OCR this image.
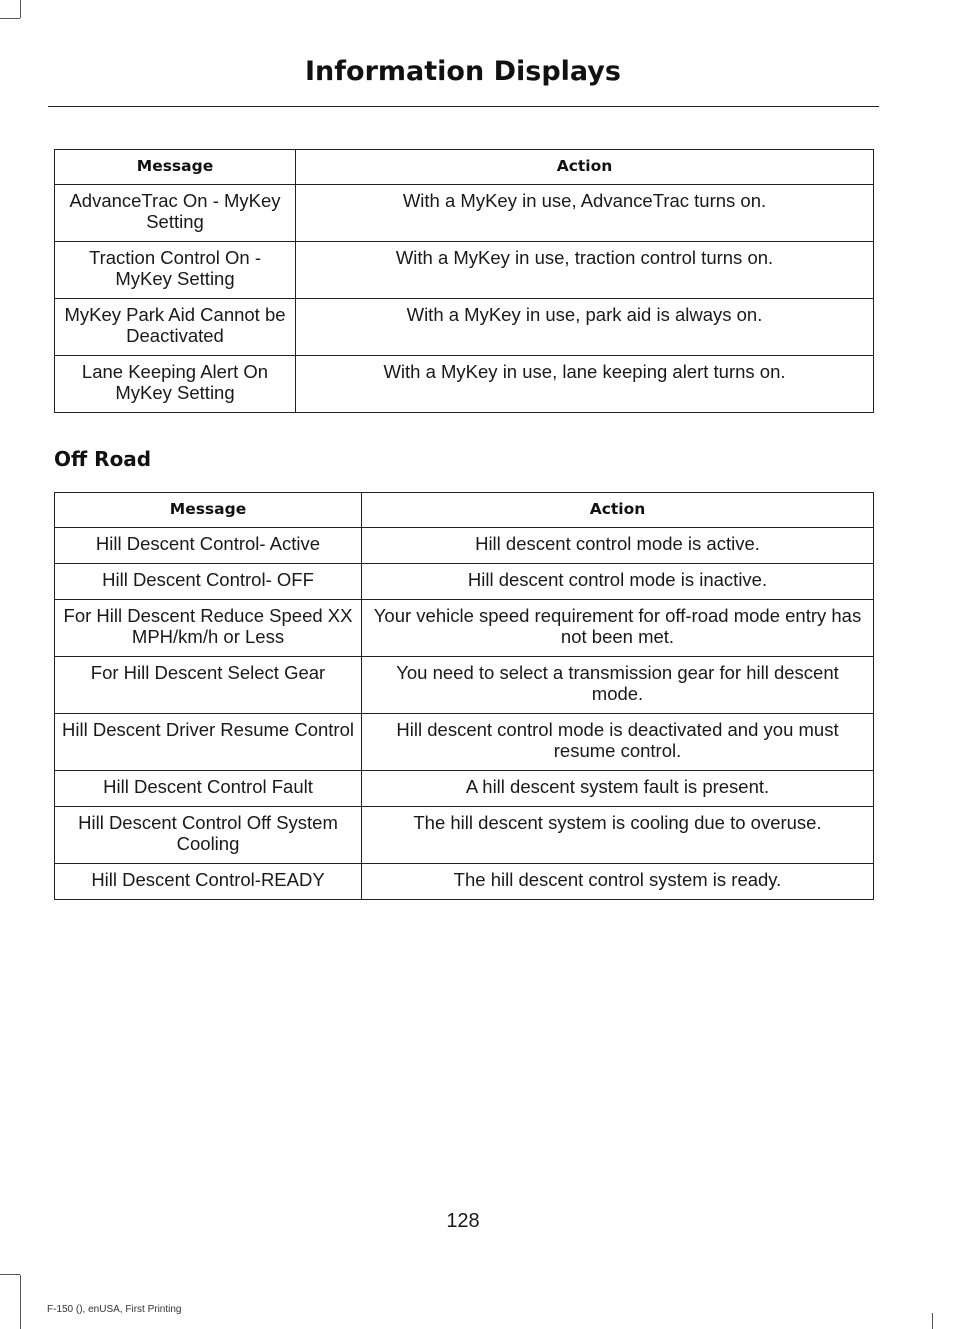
Information Displays
Message	Action
AdvanceTrac On - MyKey Setting	With a MyKey in use, AdvanceTrac turns on.
Traction Control On - MyKey Setting	With a MyKey in use, traction control turns on.
MyKey Park Aid Cannot be Deactivated	With a MyKey in use, park aid is always on.
Lane Keeping Alert On MyKey Setting	With a MyKey in use, lane keeping alert turns on.
Off Road
Message	Action
Hill Descent Control- Active	Hill descent control mode is active.
Hill Descent Control- OFF	Hill descent control mode is inactive.
For Hill Descent Reduce Speed XX MPH/km/h or Less	Your vehicle speed requirement for off-road mode entry has not been met.
For Hill Descent Select Gear	You need to select a transmission gear for hill descent mode.
Hill Descent Driver Resume Control	Hill descent control mode is deactivated and you must resume control.
Hill Descent Control Fault	A hill descent system fault is present.
Hill Descent Control Off System Cooling	The hill descent system is cooling due to overuse.
Hill Descent Control-READY	The hill descent control system is ready.
128
F-150 (), enUSA, First Printing
